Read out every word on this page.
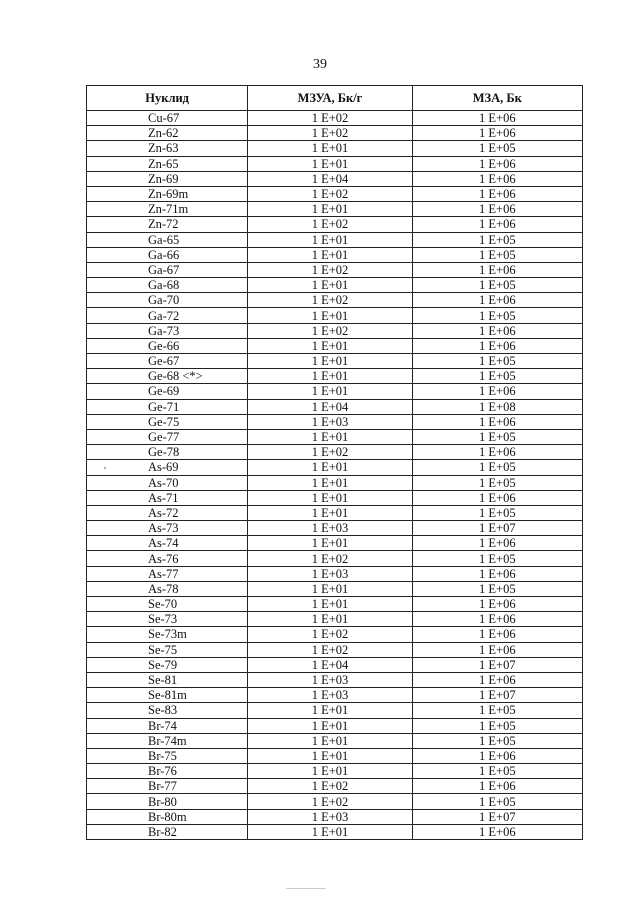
39
Нуклид	МЗУА, Бк/г	МЗА, Бк
Cu-67	1 E+02	1 E+06
Zn-62	1 E+02	1 E+06
Zn-63	1 E+01	1 E+05
Zn-65	1 E+01	1 E+06
Zn-69	1 E+04	1 E+06
Zn-69m	1 E+02	1 E+06
Zn-71m	1 E+01	1 E+06
Zn-72	1 E+02	1 E+06
Ga-65	1 E+01	1 E+05
Ga-66	1 E+01	1 E+05
Ga-67	1 E+02	1 E+06
Ga-68	1 E+01	1 E+05
Ga-70	1 E+02	1 E+06
Ga-72	1 E+01	1 E+05
Ga-73	1 E+02	1 E+06
Ge-66	1 E+01	1 E+06
Ge-67	1 E+01	1 E+05
Ge-68 <*>	1 E+01	1 E+05
Ge-69	1 E+01	1 E+06
Ge-71	1 E+04	1 E+08
Ge-75	1 E+03	1 E+06
Ge-77	1 E+01	1 E+05
Ge-78	1 E+02	1 E+06
As-69	1 E+01	1 E+05
As-70	1 E+01	1 E+05
As-71	1 E+01	1 E+06
As-72	1 E+01	1 E+05
As-73	1 E+03	1 E+07
As-74	1 E+01	1 E+06
As-76	1 E+02	1 E+05
As-77	1 E+03	1 E+06
As-78	1 E+01	1 E+05
Se-70	1 E+01	1 E+06
Se-73	1 E+01	1 E+06
Se-73m	1 E+02	1 E+06
Se-75	1 E+02	1 E+06
Se-79	1 E+04	1 E+07
Se-81	1 E+03	1 E+06
Se-81m	1 E+03	1 E+07
Se-83	1 E+01	1 E+05
Br-74	1 E+01	1 E+05
Br-74m	1 E+01	1 E+05
Br-75	1 E+01	1 E+06
Br-76	1 E+01	1 E+05
Br-77	1 E+02	1 E+06
Br-80	1 E+02	1 E+05
Br-80m	1 E+03	1 E+07
Br-82	1 E+01	1 E+06
